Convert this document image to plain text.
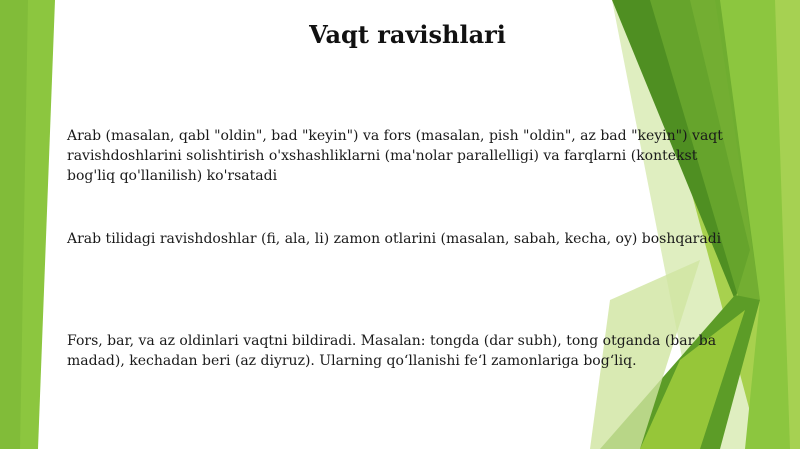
Vaqt ravishlari

Arab (masalan, qabl "oldin", bad "keyin") va fors (masalan, pish "oldin", az bad "keyin") vaqt ravishdoshlarini solishtirish o'xshashliklarni (ma'nolar parallelligi) va farqlarni (kontekst bog'liq qo'llanilish) ko'rsatadi

Arab tilidagi ravishdoshlar (fi, ala, li) zamon otlarini (masalan, sabah, kecha, oy) boshqaradi

Fors, bar, va az oldinlari vaqtni bildiradi. Masalan: tongda (dar subh), tong otganda (bar ba madad), kechadan beri (az diyruz). Ularning qo‘llanishi fe‘l zamonlariga bog‘liq.
